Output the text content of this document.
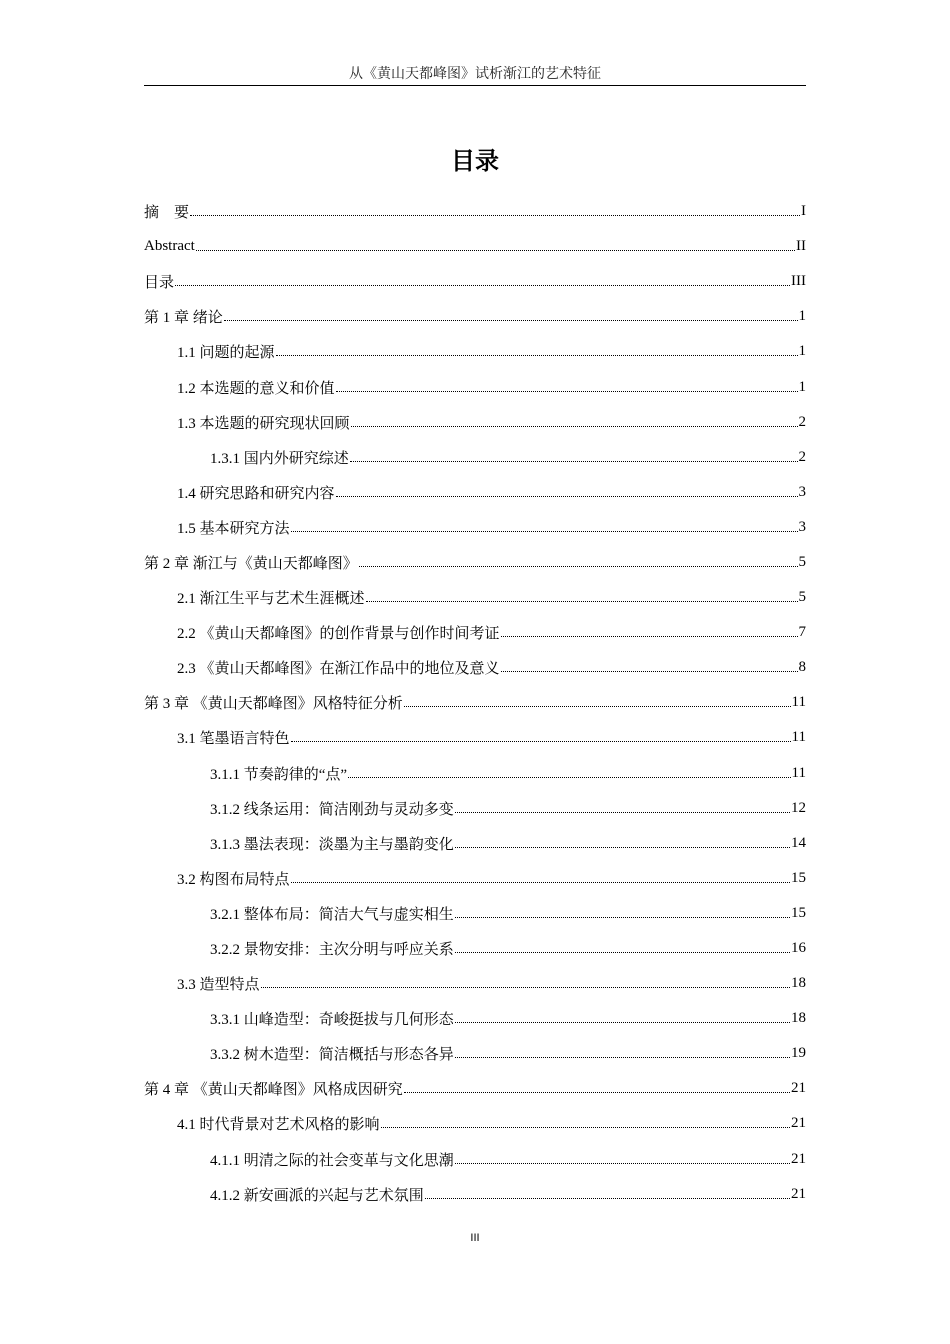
从《黄山天都峰图》试析渐江的艺术特征
目录
摘　要	I
Abstract	II
目录	III
第 1 章 绪论	1
1.1 问题的起源	1
1.2 本选题的意义和价值	1
1.3 本选题的研究现状回顾	2
1.3.1 国内外研究综述	2
1.4 研究思路和研究内容	3
1.5 基本研究方法	3
第 2 章 渐江与《黄山天都峰图》	5
2.1 渐江生平与艺术生涯概述	5
2.2 《黄山天都峰图》的创作背景与创作时间考证	7
2.3 《黄山天都峰图》在渐江作品中的地位及意义	8
第 3 章 《黄山天都峰图》风格特征分析	11
3.1 笔墨语言特色	11
3.1.1 节奏韵律的“点”	11
3.1.2 线条运用：简洁刚劲与灵动多变	12
3.1.3 墨法表现：淡墨为主与墨韵变化	14
3.2 构图布局特点	15
3.2.1 整体布局：简洁大气与虚实相生	15
3.2.2 景物安排：主次分明与呼应关系	16
3.3 造型特点	18
3.3.1 山峰造型：奇峻挺拔与几何形态	18
3.3.2 树木造型：简洁概括与形态各异	19
第 4 章 《黄山天都峰图》风格成因研究	21
4.1 时代背景对艺术风格的影响	21
4.1.1 明清之际的社会变革与文化思潮	21
4.1.2 新安画派的兴起与艺术氛围	21
III
